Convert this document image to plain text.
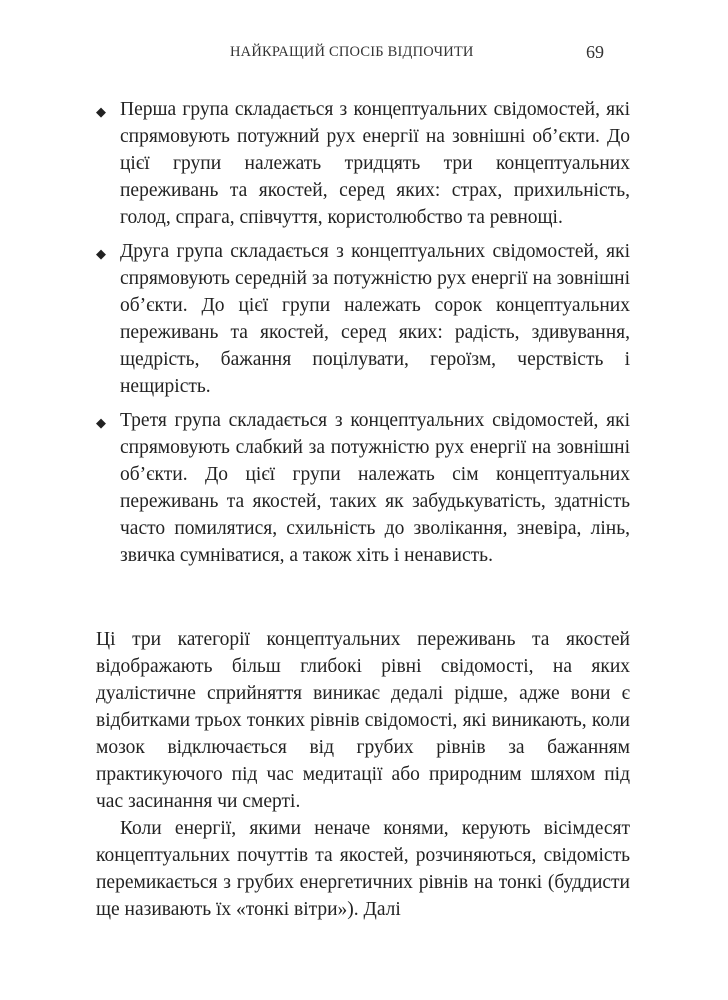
НАЙКРАЩИЙ СПОСІБ ВІДПОЧИТИ	69
◆ Перша група складається з концептуальних свідомостей, які спрямовують потужний рух енергії на зовнішні об’єкти. До цієї групи належать тридцять три концептуальних переживань та якостей, серед яких: страх, прихильність, голод, спрага, співчуття, користолюбство та ревнощі.
◆ Друга група складається з концептуальних свідомостей, які спрямовують середній за потужністю рух енергії на зовнішні об’єкти. До цієї групи належать сорок концептуальних переживань та якостей, серед яких: радість, здивування, щедрість, бажання поцілувати, героїзм, черствість і нещирість.
◆ Третя група складається з концептуальних свідомостей, які спрямовують слабкий за потужністю рух енергії на зовнішні об’єкти. До цієї групи належать сім концептуальних переживань та якостей, таких як забудькуватість, здатність часто помилятися, схильність до зволікання, зневіра, лінь, звичка сумніватися, а також хіть і ненависть.

Ці три категорії концептуальних переживань та якостей відображають більш глибокі рівні свідомості, на яких дуалістичне сприйняття виникає дедалі рідше, адже вони є відбитками трьох тонких рівнів свідомості, які виникають, коли мозок відключається від грубих рівнів за бажанням практикуючого під час медитації або природним шляхом під час засинання чи смерті.

Коли енергії, якими неначе конями, керують вісімдесят концептуальних почуттів та якостей, розчиняються, свідомість перемикається з грубих енергетичних рівнів на тонкі (буддисти ще називають їх «тонкі вітри»). Далі
